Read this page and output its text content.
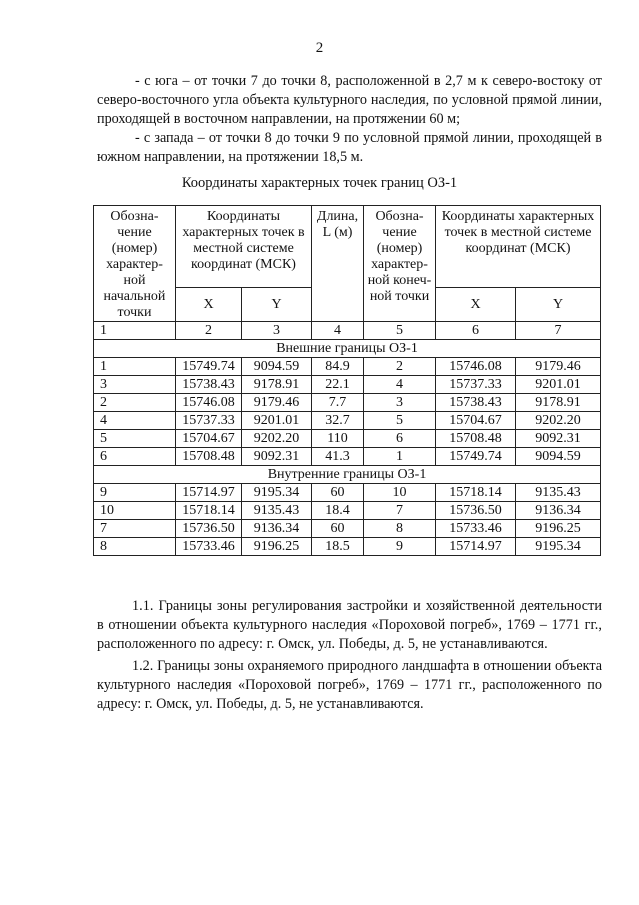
2
- с юга – от точки 7 до точки 8, расположенной в 2,7 м к северо-востоку от северо-восточного угла объекта культурного наследия, по условной прямой линии, проходящей в восточном направлении, на протяжении 60 м;
- с запада – от точки 8 до точки 9 по условной прямой линии, проходящей в южном направлении, на протяжении 18,5 м.
Координаты характерных точек границ ОЗ-1
Обозна-чение (номер) характер-ной начальной точки	Координаты характерных точек в местной системе координат (МСК)		Длина, L (м)	Обозна-чение (номер) характер-ной конеч-ной точки	Координаты характерных точек в местной системе координат (МСК)	
	X	Y			X	Y
1	2	3	4	5	6	7
Внешние границы ОЗ-1						
1	15749.74	9094.59	84.9	2	15746.08	9179.46
3	15738.43	9178.91	22.1	4	15737.33	9201.01
2	15746.08	9179.46	7.7	3	15738.43	9178.91
4	15737.33	9201.01	32.7	5	15704.67	9202.20
5	15704.67	9202.20	110	6	15708.48	9092.31
6	15708.48	9092.31	41.3	1	15749.74	9094.59
Внутренние границы ОЗ-1						
9	15714.97	9195.34	60	10	15718.14	9135.43
10	15718.14	9135.43	18.4	7	15736.50	9136.34
7	15736.50	9136.34	60	8	15733.46	9196.25
8	15733.46	9196.25	18.5	9	15714.97	9195.34
1.1. Границы зоны регулирования застройки и хозяйственной деятельности в отношении объекта культурного наследия «Пороховой погреб», 1769 – 1771 гг., расположенного по адресу: г. Омск, ул. Победы, д. 5, не устанавливаются.
1.2. Границы зоны охраняемого природного ландшафта в отношении объекта культурного наследия «Пороховой погреб», 1769 – 1771 гг., расположенного по адресу: г. Омск, ул. Победы, д. 5, не устанавливаются.
